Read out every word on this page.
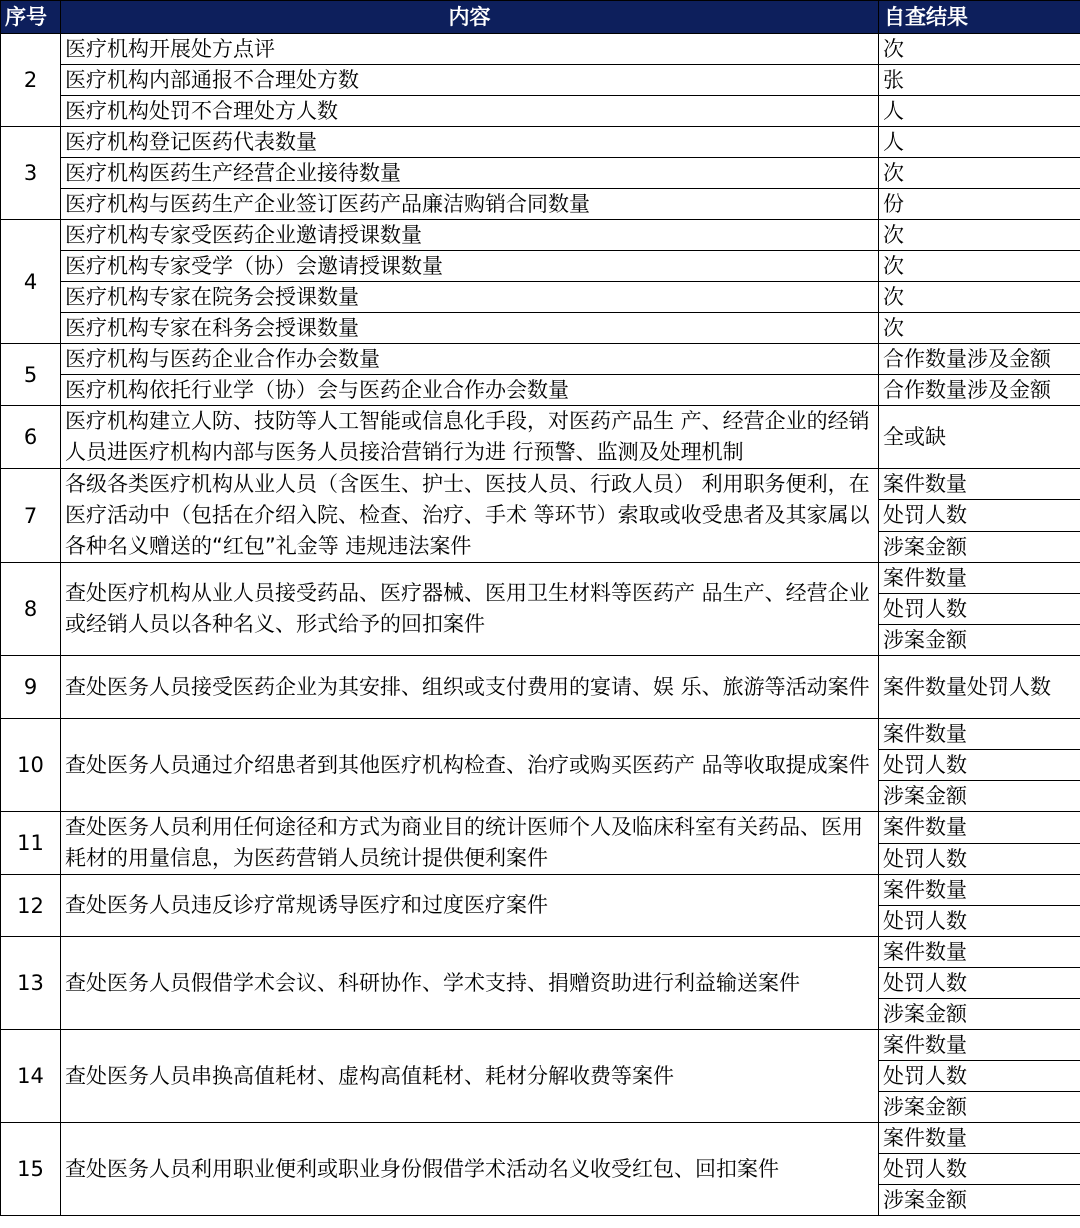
序号	内容	自查结果
2	医疗机构开展处方点评	次
	医疗机构内部通报不合理处方数	张
	医疗机构处罚不合理处方人数	人
3	医疗机构登记医药代表数量	人
	医疗机构医药生产经营企业接待数量	次
	医疗机构与医药生产企业签订医药产品廉洁购销合同数量	份
4	医疗机构专家受医药企业邀请授课数量	次
	医疗机构专家受学（协）会邀请授课数量	次
	医疗机构专家在院务会授课数量	次
	医疗机构专家在科务会授课数量	次
5	医疗机构与医药企业合作办会数量	合作数量涉及金额
	医疗机构依托行业学（协）会与医药企业合作办会数量	合作数量涉及金额
6	医疗机构建立人防、技防等人工智能或信息化手段，对医药产品生 产、经营企业的经销人员进医疗机构内部与医务人员接洽营销行为进 行预警、监测及处理机制	全或缺
7	各级各类医疗机构从业人员（含医生、护士、医技人员、行政人员） 利用职务便利，在医疗活动中（包括在介绍入院、检查、治疗、手术 等环节）索取或收受患者及其家属以各种名义赠送的“红包”礼金等 违规违法案件	案件数量
		处罚人数
		涉案金额
8	查处医疗机构从业人员接受药品、医疗器械、医用卫生材料等医药产 品生产、经营企业或经销人员以各种名义、形式给予的回扣案件	案件数量
		处罚人数
		涉案金额
9	查处医务人员接受医药企业为其安排、组织或支付费用的宴请、娱 乐、旅游等活动案件	案件数量处罚人数
10	查处医务人员通过介绍患者到其他医疗机构检查、治疗或购买医药产 品等收取提成案件	案件数量
		处罚人数
		涉案金额
11	查处医务人员利用任何途径和方式为商业目的统计医师个人及临床科室有关药品、医用耗材的用量信息，为医药营销人员统计提供便利案件	案件数量
		处罚人数
12	查处医务人员违反诊疗常规诱导医疗和过度医疗案件	案件数量
		处罚人数
13	查处医务人员假借学术会议、科研协作、学术支持、捐赠资助进行利益输送案件	案件数量
		处罚人数
		涉案金额
14	查处医务人员串换高值耗材、虚构高值耗材、耗材分解收费等案件	案件数量
		处罚人数
		涉案金额
15	查处医务人员利用职业便利或职业身份假借学术活动名义收受红包、回扣案件	案件数量
		处罚人数
		涉案金额
